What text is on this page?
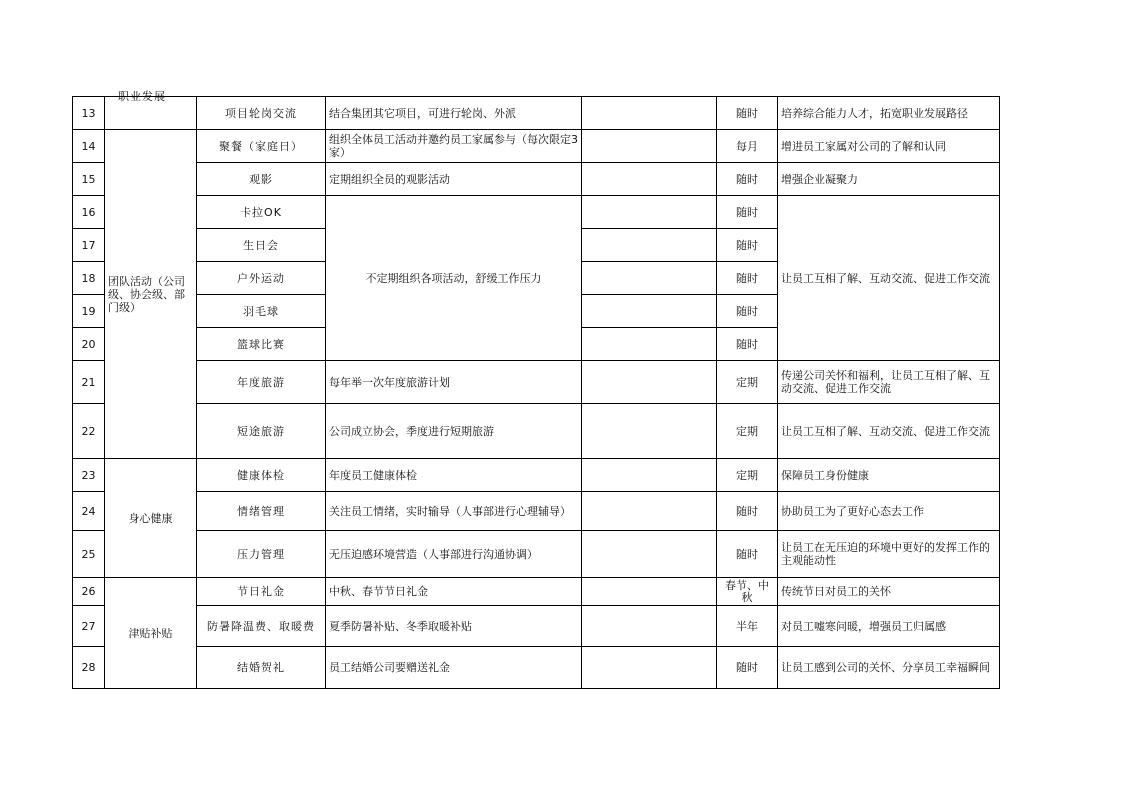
职业发展
13		项目轮岗交流	结合集团其它项目，可进行轮岗、外派		随时	培养综合能力人才，拓宽职业发展路径
14	团队活动（公司级、协会级、部门级）	聚餐（家庭日）	组织全体员工活动并邀约员工家属参与（每次限定3家）		每月	增进员工家属对公司的了解和认同
15		观影	定期组织全员的观影活动		随时	增强企业凝聚力
16		卡拉OK	不定期组织各项活动，舒缓工作压力		随时	让员工互相了解、互动交流、促进工作交流
17		生日会			随时	
18		户外运动			随时	
19		羽毛球			随时	
20		篮球比赛			随时	
21		年度旅游	每年举一次年度旅游计划		定期	传递公司关怀和福利，让员工互相了解、互动交流、促进工作交流
22		短途旅游	公司成立协会，季度进行短期旅游		定期	让员工互相了解、互动交流、促进工作交流
23	身心健康	健康体检	年度员工健康体检		定期	保障员工身份健康
24		情绪管理	关注员工情绪，实时输导（人事部进行心理辅导）		随时	协助员工为了更好心态去工作
25		压力管理	无压迫感环境营造（人事部进行沟通协调）		随时	让员工在无压迫的环境中更好的发挥工作的主观能动性
26	津贴补贴	节日礼金	中秋、春节节日礼金		春节、中秋	传统节日对员工的关怀
27		防暑降温费、取暖费	夏季防暑补贴、冬季取暖补贴		半年	对员工嘘寒问暖，增强员工归属感
28		结婚贺礼	员工结婚公司要赠送礼金		随时	让员工感到公司的关怀、分享员工幸福瞬间
